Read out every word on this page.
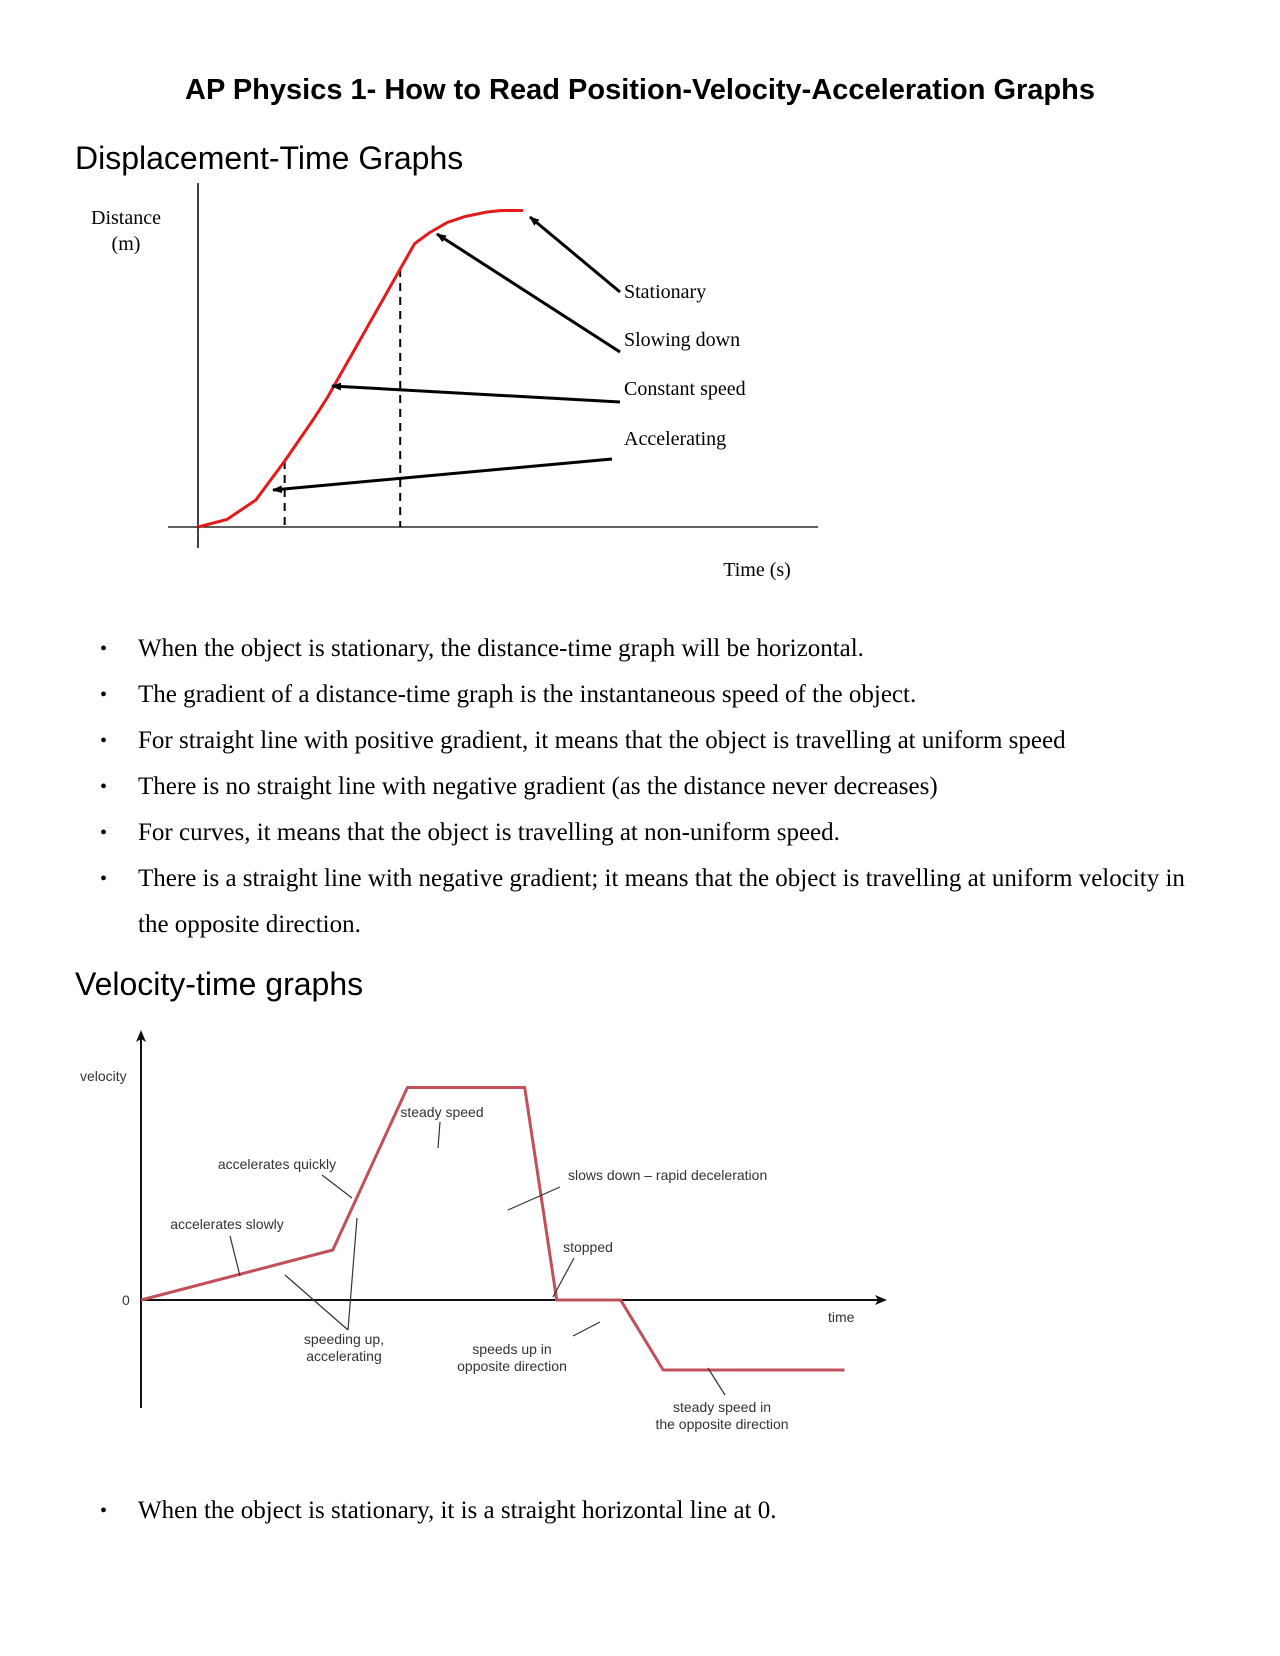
AP Physics 1- How to Read Position-Velocity-Acceleration Graphs
Displacement-Time Graphs
Distance
(m)
Time (s)
Stationary
Slowing down
Constant speed
Accelerating
• When the object is stationary, the distance-time graph will be horizontal.
• The gradient of a distance-time graph is the instantaneous speed of the object.
• For straight line with positive gradient, it means that the object is travelling at uniform speed
• There is no straight line with negative gradient (as the distance never decreases)
• For curves, it means that the object is travelling at non-uniform speed.
• There is a straight line with negative gradient; it means that the object is travelling at uniform velocity in the opposite direction.
Velocity-time graphs
velocity
0
time
steady speed
accelerates quickly
slows down – rapid deceleration
accelerates slowly
stopped
speeding up,
accelerating	speeds up in
opposite direction
steady speed in
the opposite direction
• When the object is stationary, it is a straight horizontal line at 0.
